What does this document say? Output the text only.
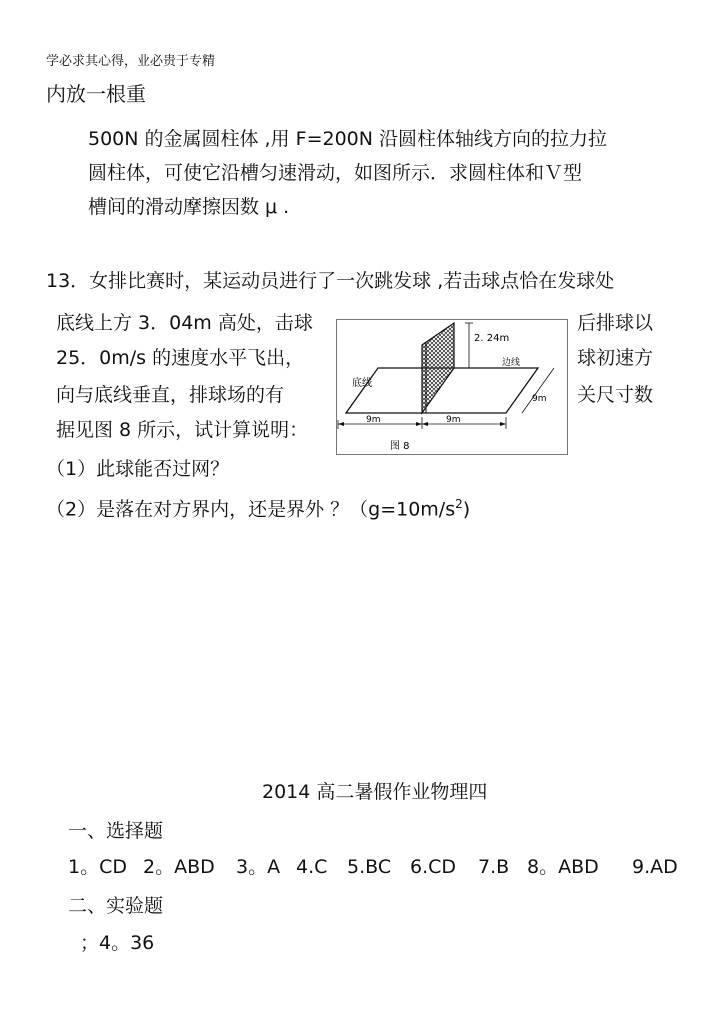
学必求其心得，业必贵于专精
内放一根重
500N 的金属圆柱体 ,用 F=200N 沿圆柱体轴线方向的拉力拉
圆柱体，可使它沿槽匀速滑动，如图所示．求圆柱体和Ｖ型
槽间的滑动摩擦因数 μ .
13．女排比赛时，某运动员进行了一次跳发球 ,若击球点恰在发球处
底线上方 3．04m 高处，击球	后排球以
25．0m/s 的速度水平飞出，	球初速方
向与底线垂直，排球场的有	关尺寸数
据见图 8 所示，试计算说明：
2. 24m
边线
底线
9m	9m
9m
图 8
（1）此球能否过网？
（2）是落在对方界内，还是界外 ？$(g=10m/s^2)$
2014 高二暑假作业物理四
一、选择题
1。CD 2。ABD 3。A 4.C 5.BC 6.CD 7.B 8。ABD 9.AD
二、实验题
；4。36
